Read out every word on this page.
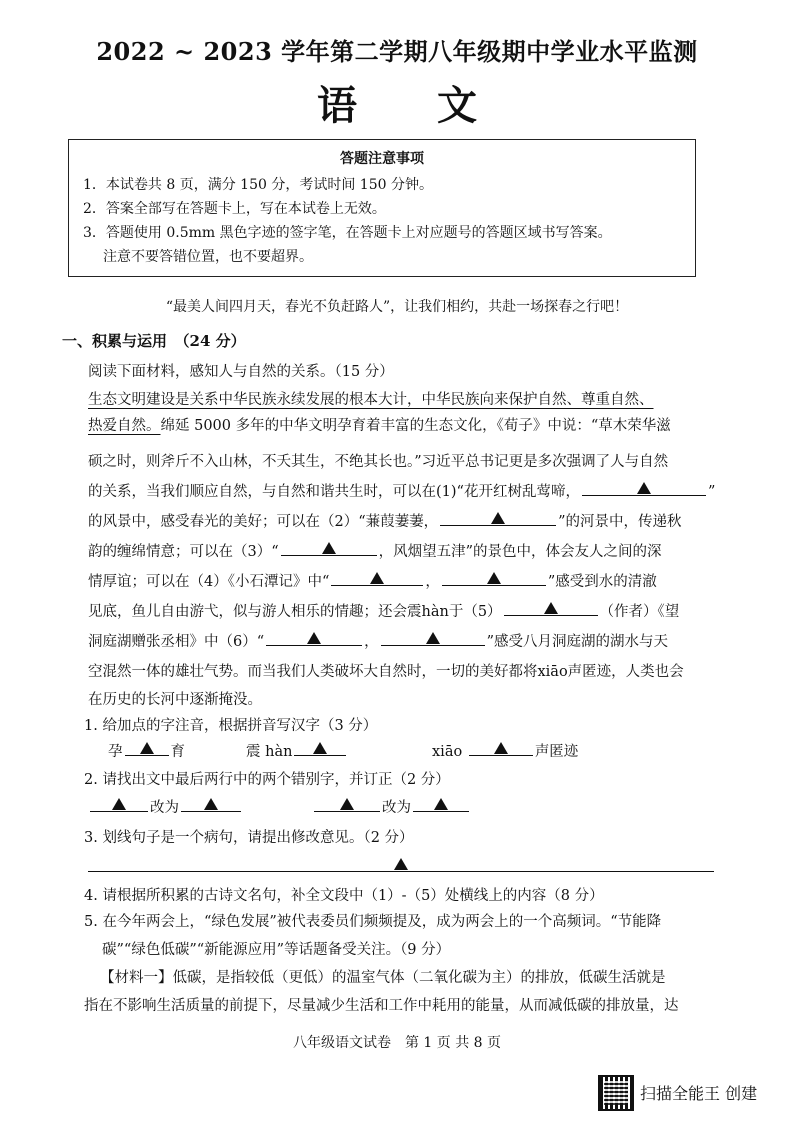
2022 ~ 2023 学年第二学期八年级期中学业水平监测
语 文
答题注意事项
1．本试卷共 8 页，满分 150 分，考试时间 150 分钟。
2．答案全部写在答题卡上，写在本试卷上无效。
3．答题使用 0.5mm 黑色字迹的签字笔，在答题卡上对应题号的答题区域书写答案。
注意不要答错位置，也不要超界。
“最美人间四月天，春光不负赶路人”，让我们相约，共赴一场探春之行吧！
一、积累与运用　（24 分）
阅读下面材料，感知人与自然的关系。（15 分）
生态文明建设是关系中华民族永续发展的根本大计，中华民族向来保护自然、尊重自然、
热爱自然。绵延 5000 多年的中华文明孕育着丰富的生态文化，《荀子》中说：“草木荣华滋
硕之时，则斧斤不入山林，不夭其生，不绝其长也。”习近平总书记更是多次强调了人与自然
的关系，当我们顺应自然，与自然和谐共生时，可以在(1)“花开红树乱莺啼，	”
的风景中，感受春光的美好；可以在（2）“蒹葭萋萋，	”的河景中，传递秋
韵的缠绵情意；可以在（3）“	，风烟望五津”的景色中，体会友人之间的深
情厚谊；可以在（4）《小石潭记》中“	，	”感受到水的清澈
见底，鱼儿自由游弋，似与游人相乐的情趣；还会震hàn于（5）	（作者）《望
洞庭湖赠张丞相》中（6）“	，	”感受八月洞庭湖的湖水与天
空混然一体的雄壮气势。而当我们人类破坏大自然时，一切的美好都将xiāo声匿迹，人类也会
在历史的长河中逐渐掩没。
1. 给加点的字注音，根据拼音写汉字（3 分）
孕	育	震 hàn	xiāo	声匿迹
2. 请找出文中最后两行中的两个错别字，并订正（2 分）
改为	改为
3. 划线句子是一个病句，请提出修改意见。（2 分）
4. 请根据所积累的古诗文名句，补全文段中（1）-（5）处横线上的内容（8 分）
5. 在今年两会上，“绿色发展”被代表委员们频频提及，成为两会上的一个高频词。“节能降
碳”“绿色低碳”“新能源应用”等话题备受关注。（9 分）
【材料一】低碳，是指较低（更低）的温室气体（二氧化碳为主）的排放，低碳生活就是
指在不影响生活质量的前提下，尽量减少生活和工作中耗用的能量，从而减低碳的排放量，达
八年级语文试卷　第 1 页 共 8 页
扫描全能王 创建
